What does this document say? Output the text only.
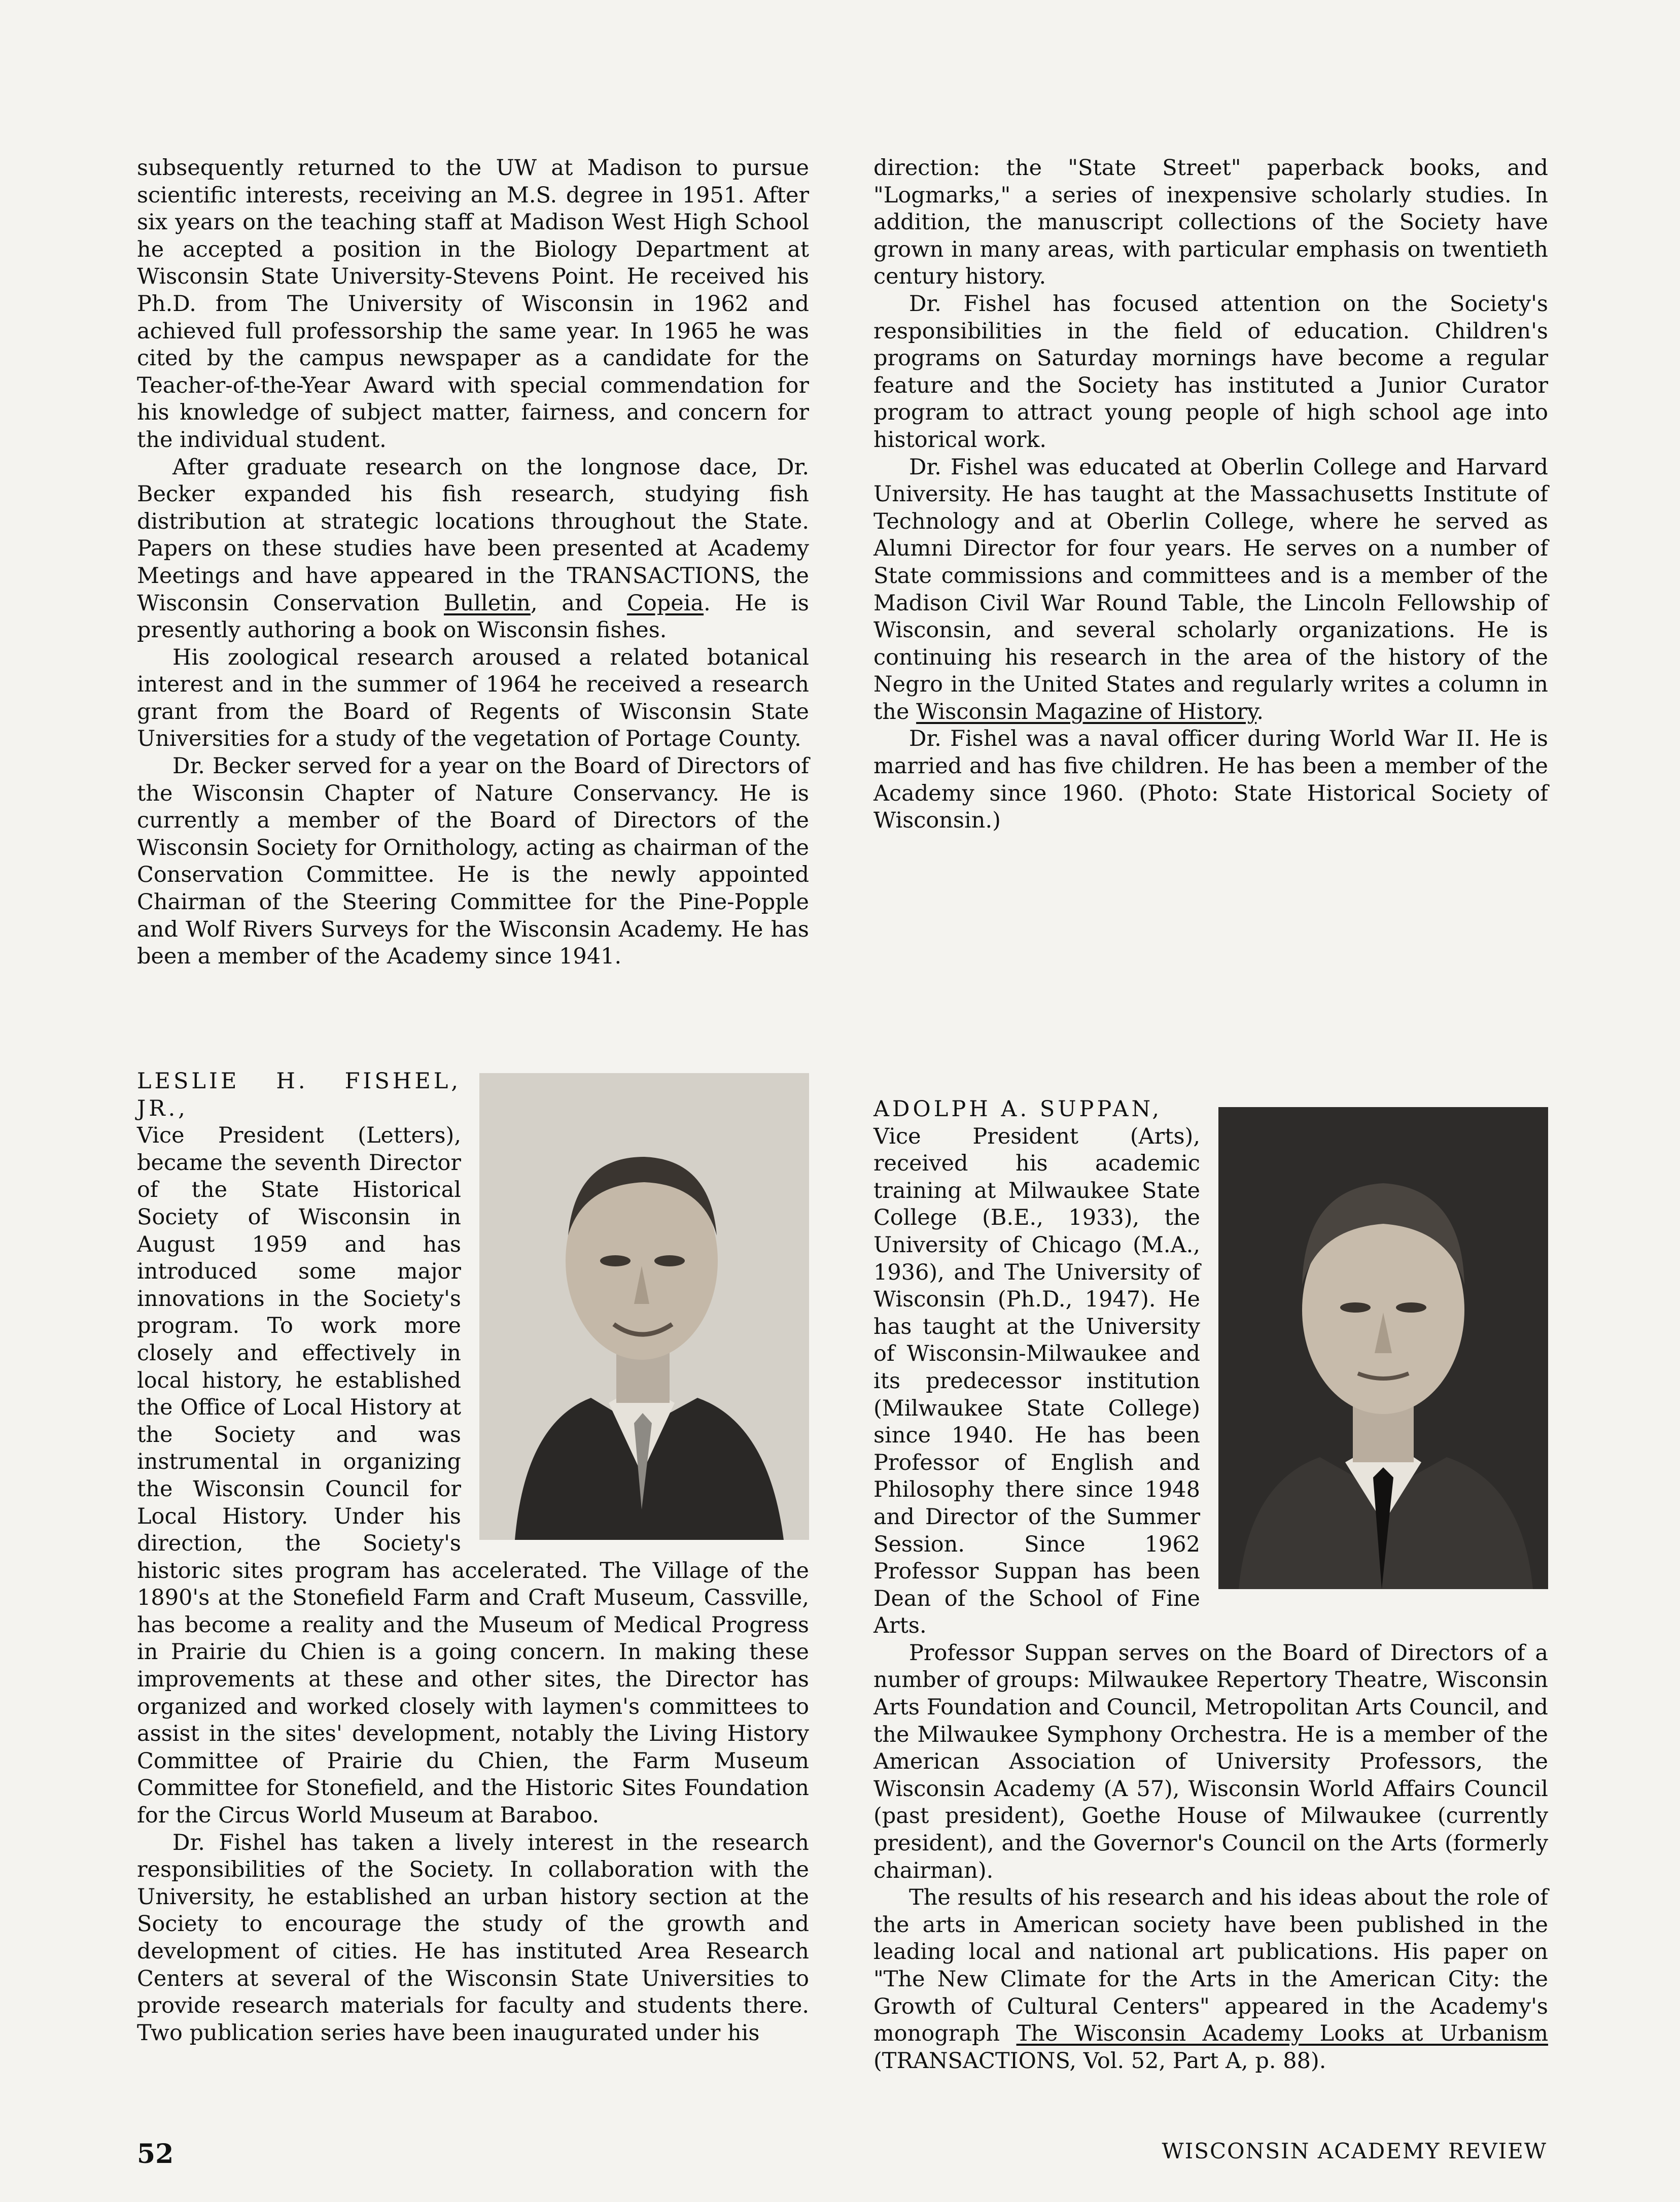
subsequently returned to the UW at Madison to pursue scientific interests, receiving an M.S. degree in 1951. After six years on the teaching staff at Madison West High School he accepted a position in the Biology Department at Wisconsin State University-Stevens Point. He received his Ph.D. from The University of Wisconsin in 1962 and achieved full professorship the same year. In 1965 he was cited by the campus newspaper as a candidate for the Teacher-of-the-Year Award with special commendation for his knowledge of subject matter, fairness, and concern for the individual student.

After graduate research on the longnose dace, Dr. Becker expanded his fish research, studying fish distribution at strategic locations throughout the State. Papers on these studies have been presented at Academy Meetings and have appeared in the TRANSACTIONS, the Wisconsin Conservation Bulletin, and Copeia. He is presently authoring a book on Wisconsin fishes.

His zoological research aroused a related botanical interest and in the summer of 1964 he received a research grant from the Board of Regents of Wisconsin State Universities for a study of the vegetation of Portage County.

Dr. Becker served for a year on the Board of Directors of the Wisconsin Chapter of Nature Conservancy. He is currently a member of the Board of Directors of the Wisconsin Society for Ornithology, acting as chairman of the Conservation Committee. He is the newly appointed Chairman of the Steering Committee for the Pine-Popple and Wolf Rivers Surveys for the Wisconsin Academy. He has been a member of the Academy since 1941.

direction: the "State Street" paperback books, and "Logmarks," a series of inexpensive scholarly studies. In addition, the manuscript collections of the Society have grown in many areas, with particular emphasis on twentieth century history.

Dr. Fishel has focused attention on the Society's responsibilities in the field of education. Children's programs on Saturday mornings have become a regular feature and the Society has instituted a Junior Curator program to attract young people of high school age into historical work.

Dr. Fishel was educated at Oberlin College and Harvard University. He has taught at the Massachusetts Institute of Technology and at Oberlin College, where he served as Alumni Director for four years. He serves on a number of State commissions and committees and is a member of the Madison Civil War Round Table, the Lincoln Fellowship of Wisconsin, and several scholarly organizations. He is continuing his research in the area of the history of the Negro in the United States and regularly writes a column in the Wisconsin Magazine of History.

Dr. Fishel was a naval officer during World War II. He is married and has five children. He has been a member of the Academy since 1960. (Photo: State Historical Society of Wisconsin.)

LESLIE H. FISHEL, JR.,

Vice President (Letters), became the seventh Director of the State Historical Society of Wisconsin in August 1959 and has introduced some major innovations in the Society's program. To work more closely and effectively in local history, he established the Office of Local History at the Society and was instrumental in organizing the Wisconsin Council for Local History. Under his direction, the Society's historic sites program has accelerated. The Village of the 1890's at the Stonefield Farm and Craft Museum, Cassville, has become a reality and the Museum of Medical Progress in Prairie du Chien is a going concern. In making these improvements at these and other sites, the Director has organized and worked closely with laymen's committees to assist in the sites' development, notably the Living History Committee of Prairie du Chien, the Farm Museum Committee for Stonefield, and the Historic Sites Foundation for the Circus World Museum at Baraboo.

Dr. Fishel has taken a lively interest in the research responsibilities of the Society. In collaboration with the University, he established an urban history section at the Society to encourage the study of the growth and development of cities. He has instituted Area Research Centers at several of the Wisconsin State Universities to provide research materials for faculty and students there. Two publication series have been inaugurated under his

ADOLPH A. SUPPAN,

Vice President (Arts), received his academic training at Milwaukee State College (B.E., 1933), the University of Chicago (M.A., 1936), and The University of Wisconsin (Ph.D., 1947). He has taught at the University of Wisconsin-Milwaukee and its predecessor institution (Milwaukee State College) since 1940. He has been Professor of English and Philosophy there since 1948 and Director of the Summer Session. Since 1962 Professor Suppan has been Dean of the School of Fine Arts.

Professor Suppan serves on the Board of Directors of a number of groups: Milwaukee Repertory Theatre, Wisconsin Arts Foundation and Council, Metropolitan Arts Council, and the Milwaukee Symphony Orchestra. He is a member of the American Association of University Professors, the Wisconsin Academy (A 57), Wisconsin World Affairs Council (past president), Goethe House of Milwaukee (currently president), and the Governor's Council on the Arts (formerly chairman).

The results of his research and his ideas about the role of the arts in American society have been published in the leading local and national art publications. His paper on "The New Climate for the Arts in the American City: the Growth of Cultural Centers" appeared in the Academy's monograph The Wisconsin Academy Looks at Urbanism (TRANSACTIONS, Vol. 52, Part A, p. 88).

52	WISCONSIN ACADEMY REVIEW
